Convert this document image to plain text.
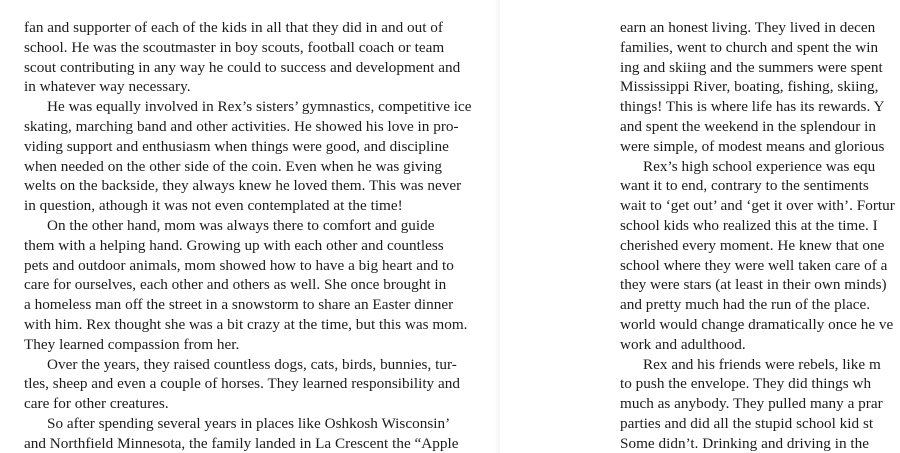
fan and supporter of each of the kids in all that they did in and out of
school. He was the scoutmaster in boy scouts, football coach or team
scout contributing in any way he could to success and development and
in whatever way necessary.
He was equally involved in Rex’s sisters’ gymnastics, competitive ice
skating, marching band and other activities. He showed his love in pro-
viding support and enthusiasm when things were good, and discipline
when needed on the other side of the coin. Even when he was giving
welts on the backside, they always knew he loved them. This was never
in question, athough it was not even contemplated at the time!
On the other hand, mom was always there to comfort and guide
them with a helping hand. Growing up with each other and countless
pets and outdoor animals, mom showed how to have a big heart and to
care for ourselves, each other and others as well. She once brought in
a homeless man off the street in a snowstorm to share an Easter dinner
with him. Rex thought she was a bit crazy at the time, but this was mom.
They learned compassion from her.
Over the years, they raised countless dogs, cats, birds, bunnies, tur-
tles, sheep and even a couple of horses. They learned responsibility and
care for other creatures.
So after spending several years in places like Oshkosh Wisconsin’
and Northfield Minnesota, the family landed in La Crescent the “Apple
earn an honest living. They lived in decen
families, went to church and spent the win
ing and skiing and the summers were spent
Mississippi River, boating, fishing, skiing,
things! This is where life has its rewards. Y
and spent the weekend in the splendour in
were simple, of modest means and glorious
Rex’s high school experience was equ
want it to end, contrary to the sentiments
wait to ‘get out’ and ‘get it over with’. Fortur
school kids who realized this at the time. I
cherished every moment. He knew that one
school where they were well taken care of a
they were stars (at least in their own minds)
and pretty much had the run of the place.
world would change dramatically once he ve
work and adulthood.
Rex and his friends were rebels, like m
to push the envelope. They did things wh
much as anybody. They pulled many a prar
parties and did all the stupid school kid st
Some didn’t. Drinking and driving in the
